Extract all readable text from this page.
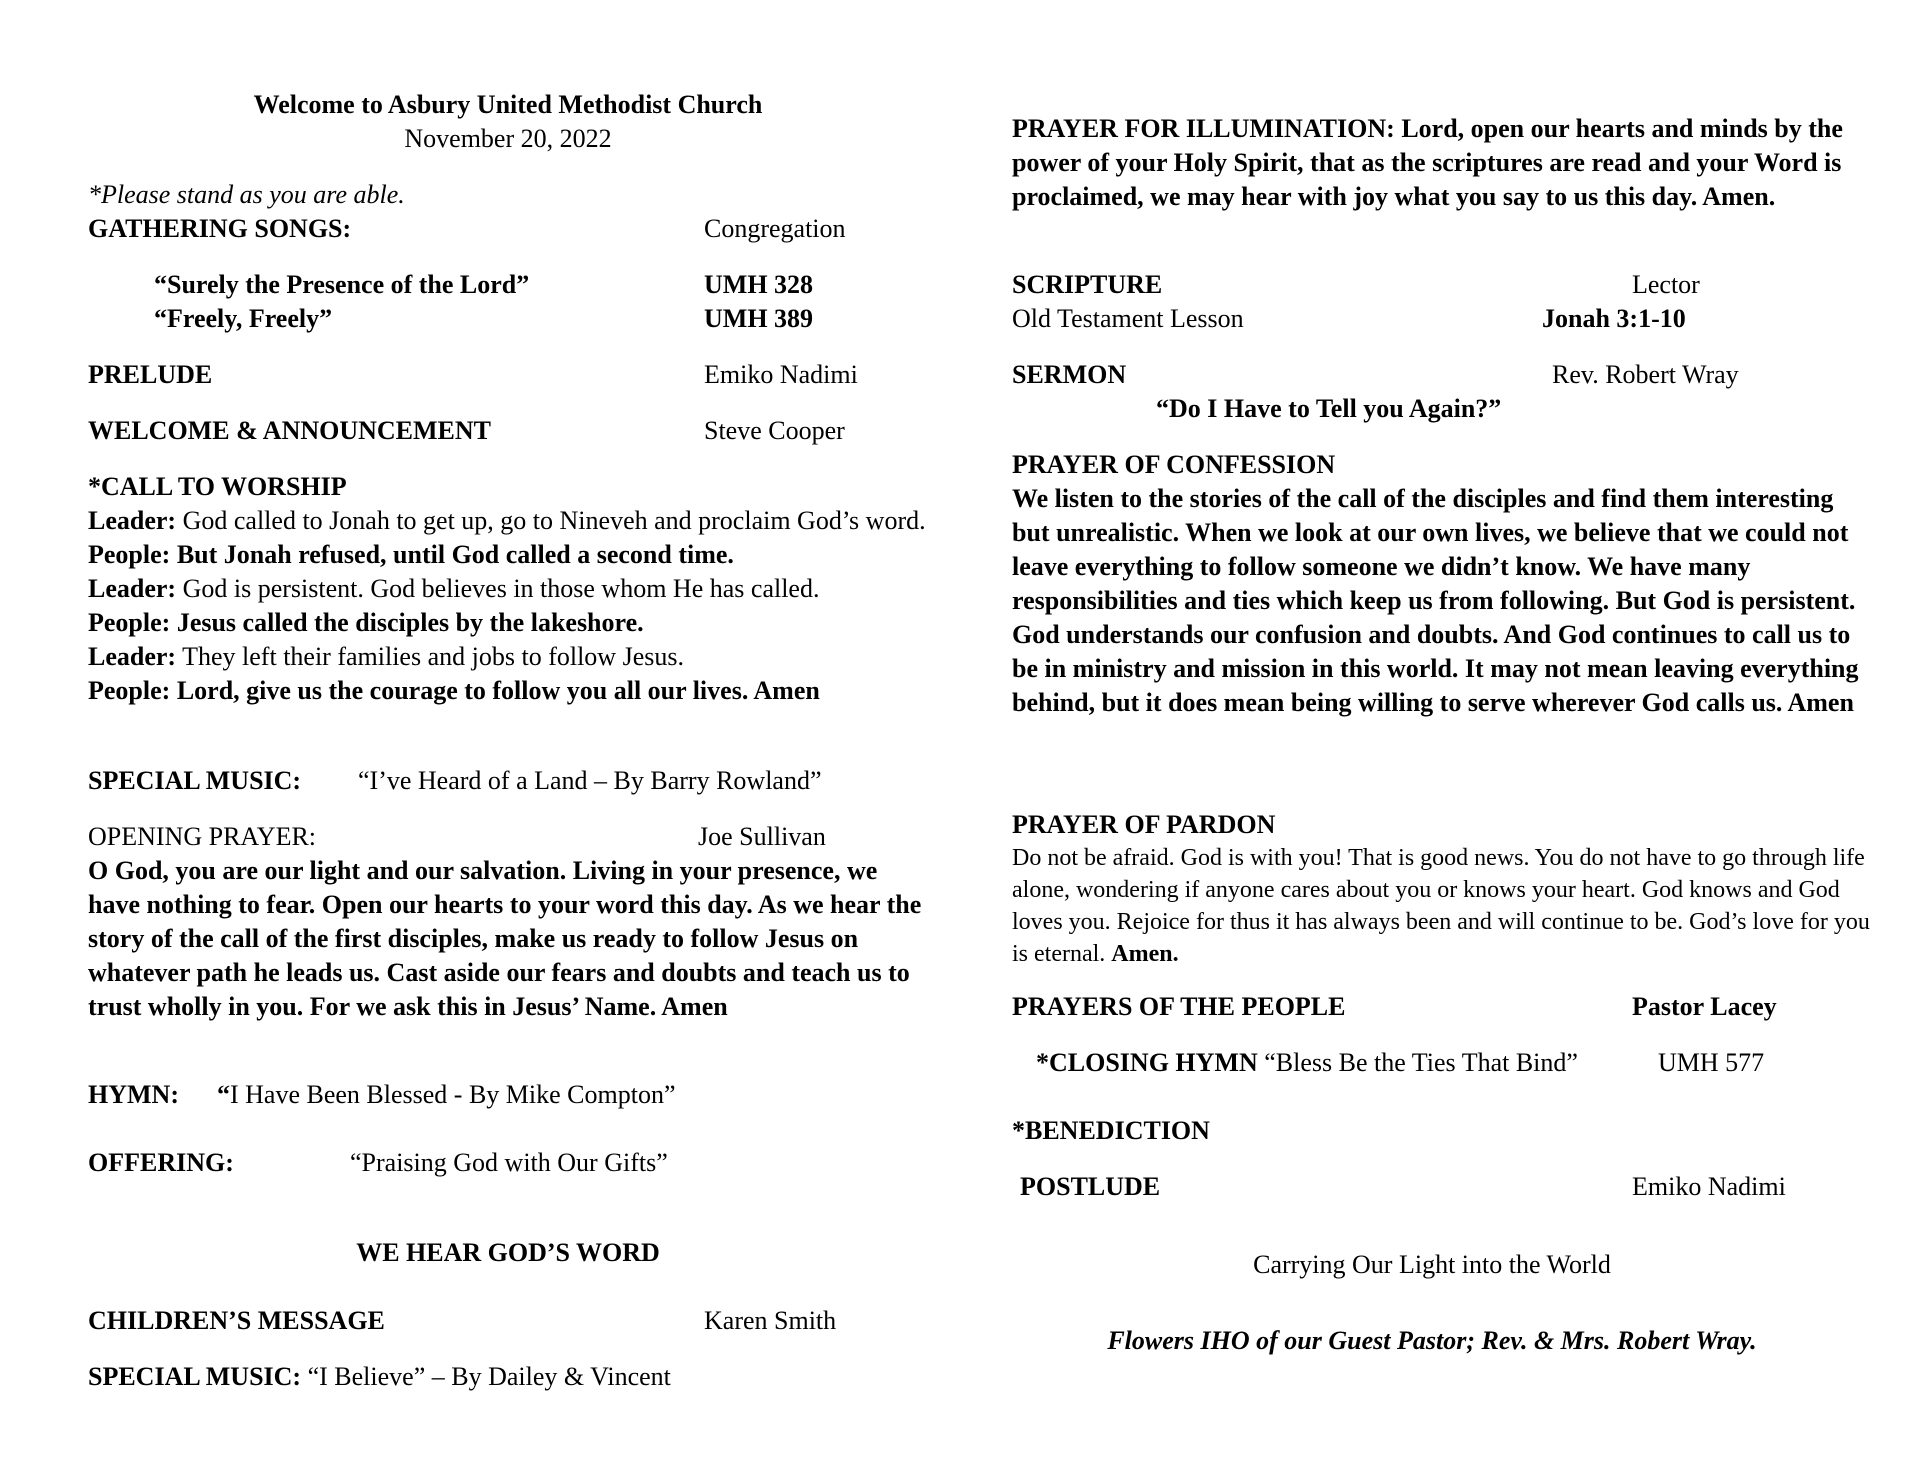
Welcome to Asbury United Methodist Church
November 20, 2022
*Please stand as you are able.
GATHERING SONGS:	Congregation
“Surely the Presence of the Lord”	UMH 328
“Freely, Freely”	UMH 389
PRELUDE	Emiko Nadimi
WELCOME & ANNOUNCEMENT	Steve Cooper
*CALL TO WORSHIP

Leader: God called to Jonah to get up, go to Nineveh and proclaim God’s word.

People: But Jonah refused, until God called a second time.

Leader: God is persistent. God believes in those whom He has called.

People: Jesus called the disciples by the lakeshore.

Leader: They left their families and jobs to follow Jesus.

People: Lord, give us the courage to follow you all our lives. Amen

SPECIAL MUSIC: “I’ve Heard of a Land – By Barry Rowland”
OPENING PRAYER:	Joe Sullivan
O God, you are our light and our salvation. Living in your presence, we have nothing to fear. Open our hearts to your word this day. As we hear the story of the call of the first disciples, make us ready to follow Jesus on whatever path he leads us. Cast aside our fears and doubts and teach us to trust wholly in you. For we ask this in Jesus’ Name. Amen
HYMN: “I Have Been Blessed - By Mike Compton”
OFFERING:	“Praising God with Our Gifts”
WE HEAR GOD’S WORD
CHILDREN’S MESSAGE	Karen Smith
SPECIAL MUSIC: “I Believe” – By Dailey & Vincent
PRAYER FOR ILLUMINATION: Lord, open our hearts and minds by the power of your Holy Spirit, that as the scriptures are read and your Word is proclaimed, we may hear with joy what you say to us this day. Amen.
SCRIPTURE	Lector
Old Testament Lesson	Jonah 3:1-10
SERMON	Rev. Robert Wray
“Do I Have to Tell you Again?”
PRAYER OF CONFESSION
We listen to the stories of the call of the disciples and find them interesting but unrealistic. When we look at our own lives, we believe that we could not leave everything to follow someone we didn’t know. We have many responsibilities and ties which keep us from following. But God is persistent. God understands our confusion and doubts. And God continues to call us to be in ministry and mission in this world. It may not mean leaving everything behind, but it does mean being willing to serve wherever God calls us. Amen
PRAYER OF PARDON
Do not be afraid. God is with you! That is good news. You do not have to go through life alone, wondering if anyone cares about you or knows your heart. God knows and God loves you. Rejoice for thus it has always been and will continue to be. God’s love for you is eternal. Amen.
PRAYERS OF THE PEOPLE	Pastor Lacey
*CLOSING HYMN “Bless Be the Ties That Bind”	UMH 577
*BENEDICTION
POSTLUDE	Emiko Nadimi
Carrying Our Light into the World
Flowers IHO of our Guest Pastor; Rev. & Mrs. Robert Wray.
